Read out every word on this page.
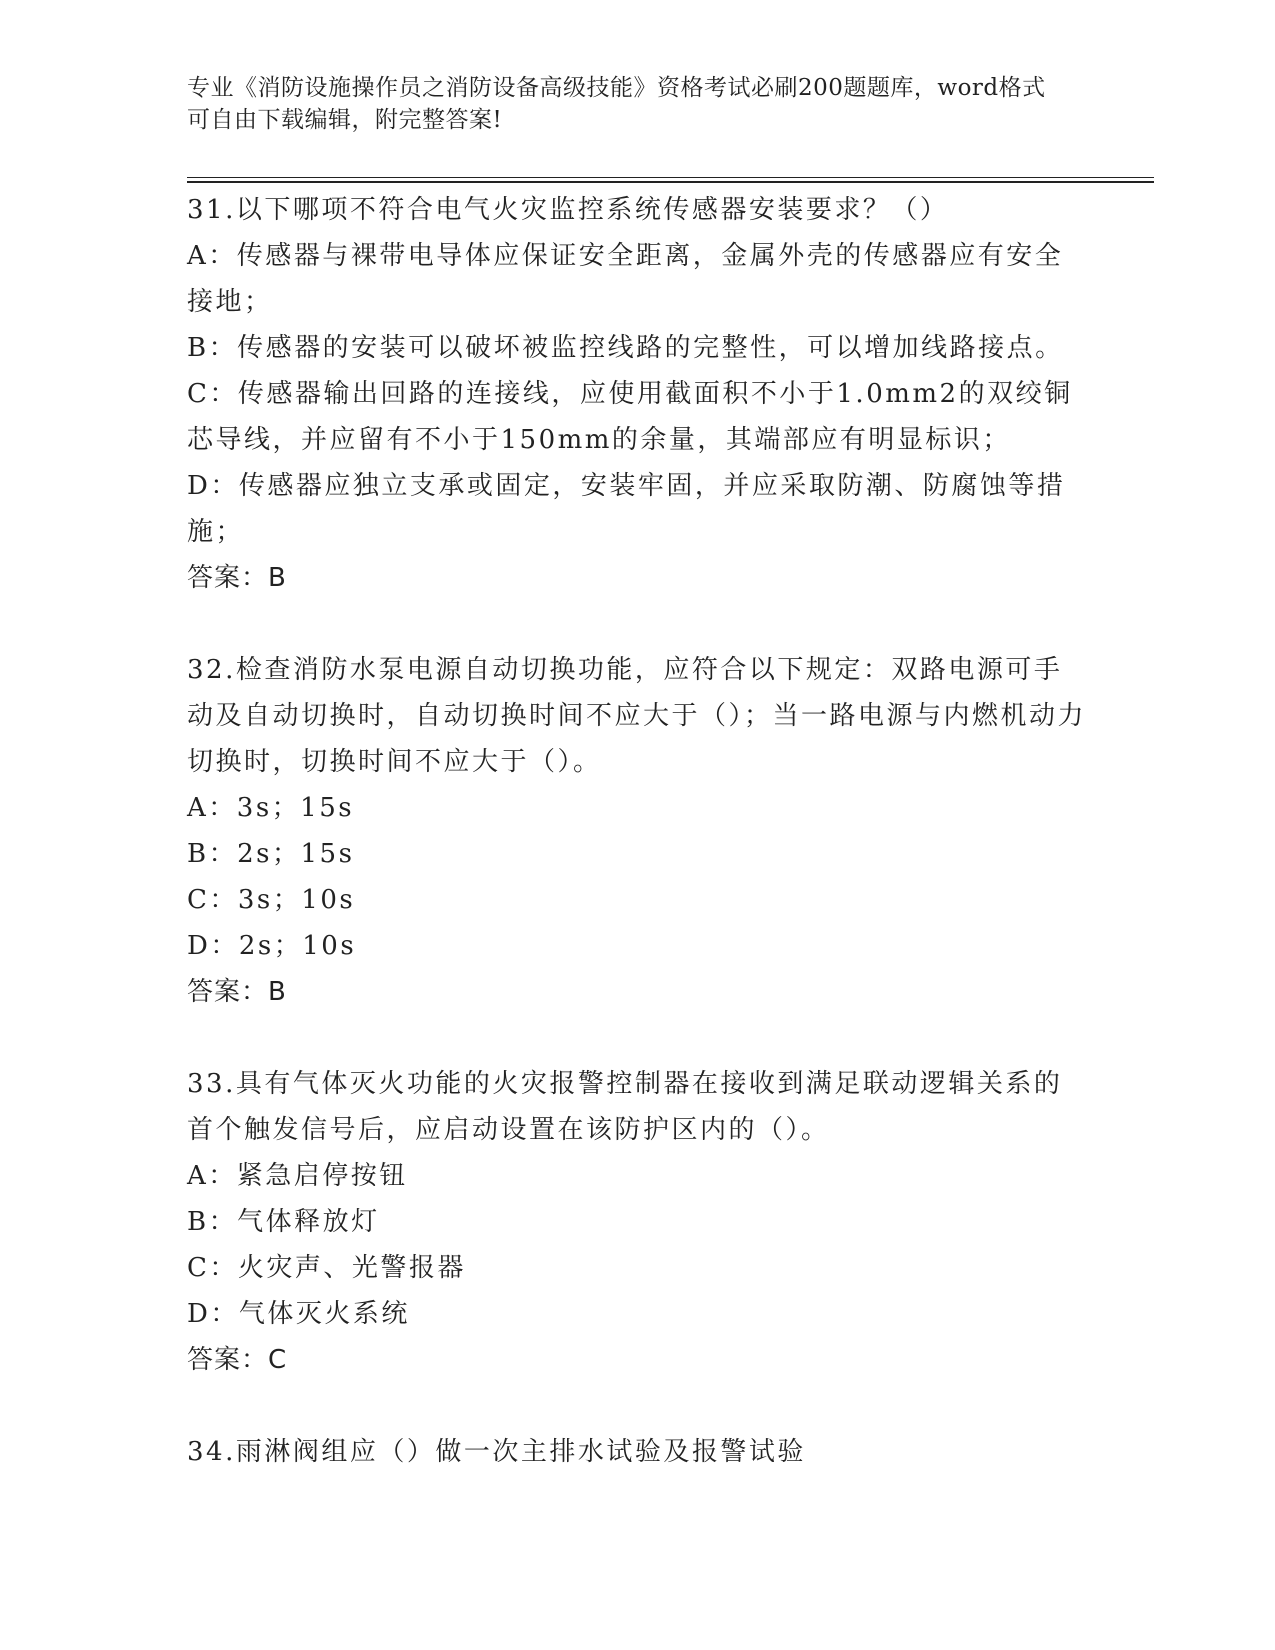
专业《消防设施操作员之消防设备高级技能》资格考试必刷200题题库，word格式可自由下载编辑，附完整答案!

31.以下哪项不符合电气火灾监控系统传感器安装要求？（）

A：传感器与裸带电导体应保证安全距离，金属外壳的传感器应有安全接地；

B：传感器的安装可以破坏被监控线路的完整性，可以增加线路接点。

C：传感器输出回路的连接线，应使用截面积不小于1.0mm2的双绞铜芯导线，并应留有不小于150mm的余量，其端部应有明显标识；

D：传感器应独立支承或固定，安装牢固，并应采取防潮、防腐蚀等措施；

答案：B

32.检查消防水泵电源自动切换功能，应符合以下规定：双路电源可手动及自动切换时，自动切换时间不应大于（）；当一路电源与内燃机动力切换时，切换时间不应大于（）。

A：3s；15s

B：2s；15s

C：3s；10s

D：2s；10s

答案：B

33.具有气体灭火功能的火灾报警控制器在接收到满足联动逻辑关系的首个触发信号后，应启动设置在该防护区内的（）。

A：紧急启停按钮

B：气体释放灯

C：火灾声、光警报器

D：气体灭火系统

答案：C

34.雨淋阀组应（）做一次主排水试验及报警试验
